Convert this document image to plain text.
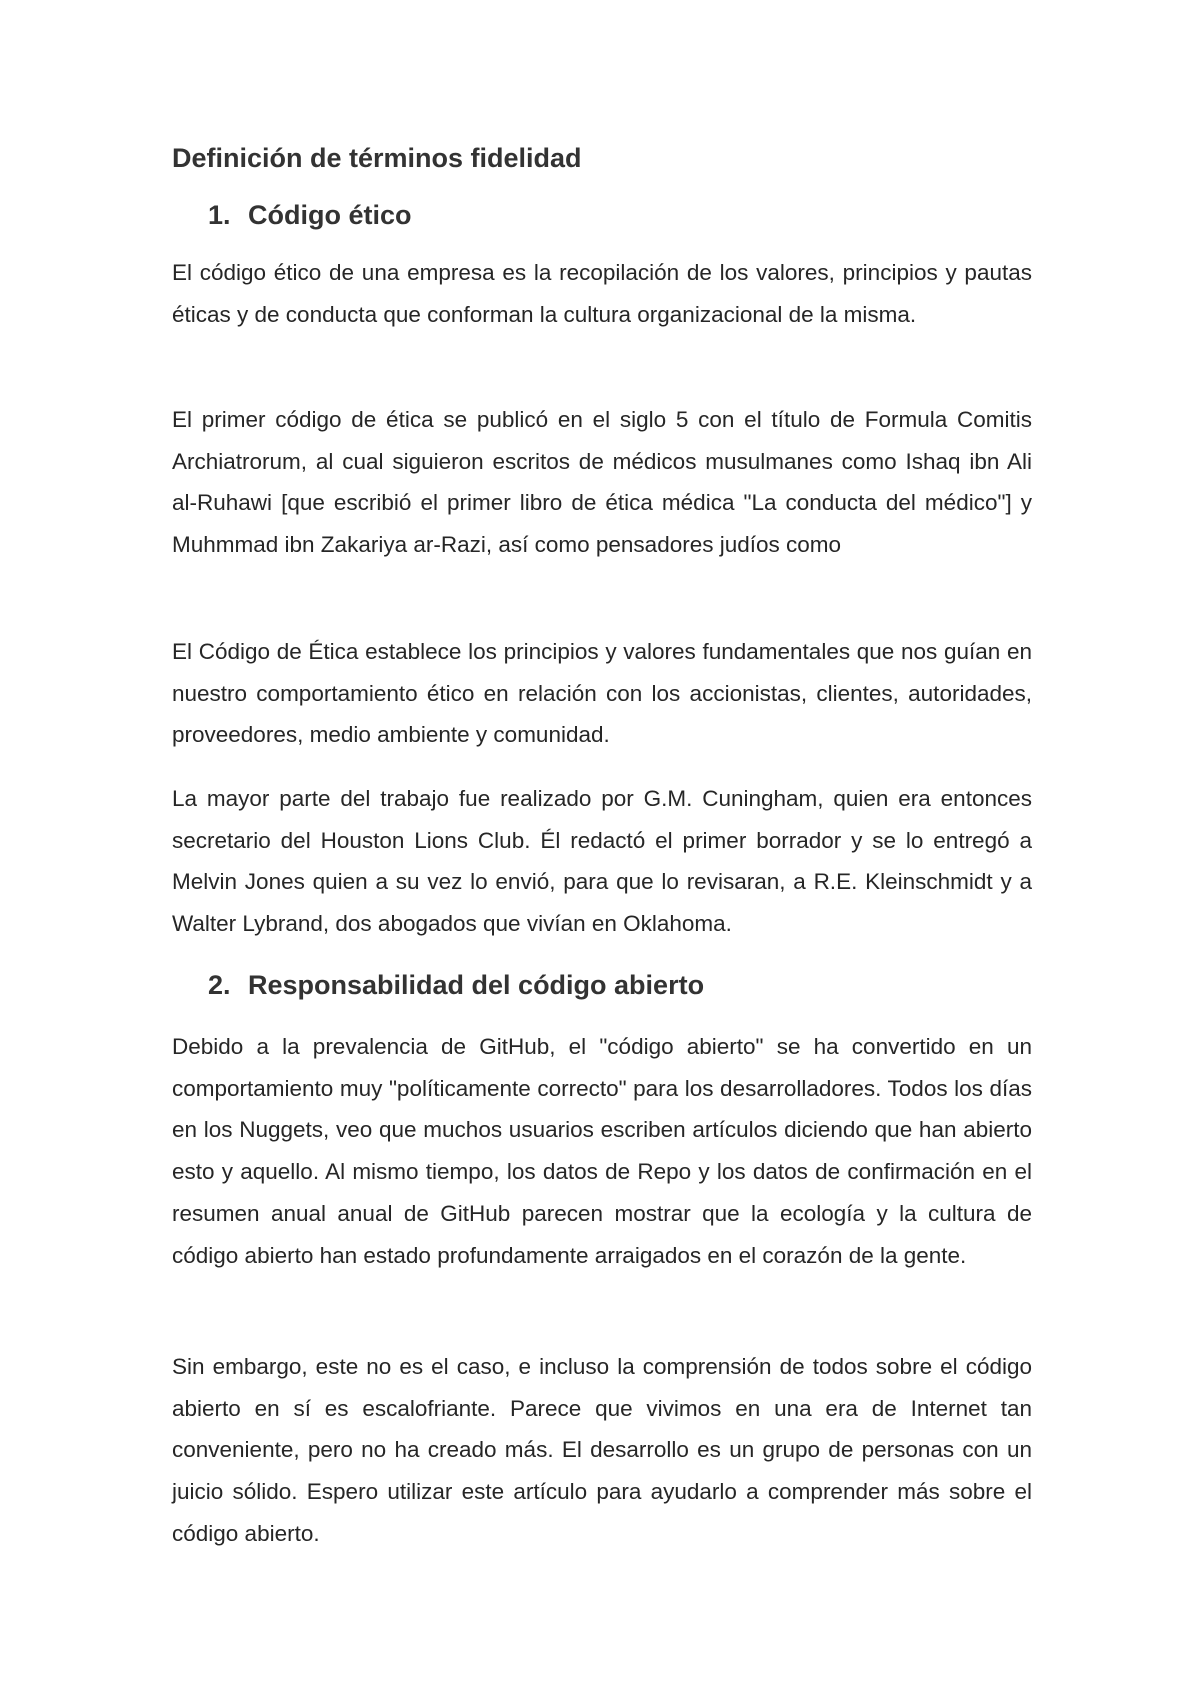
Definición de términos fidelidad
1. Código ético

El código ético de una empresa es la recopilación de los valores, principios y pautas éticas y de conducta que conforman la cultura organizacional de la misma.

El primer código de ética se publicó en el siglo 5 con el título de Formula Comitis Archiatrorum, al cual siguieron escritos de médicos musulmanes como Ishaq ibn Ali al-Ruhawi [que escribió el primer libro de ética médica "La conducta del médico"] y Muhmmad ibn Zakariya ar-Razi, así como pensadores judíos como

El Código de Ética establece los principios y valores fundamentales que nos guían en nuestro comportamiento ético en relación con los accionistas, clientes, autoridades, proveedores, medio ambiente y comunidad.

La mayor parte del trabajo fue realizado por G.M. Cuningham, quien era entonces secretario del Houston Lions Club. Él redactó el primer borrador y se lo entregó a Melvin Jones quien a su vez lo envió, para que lo revisaran, a R.E. Kleinschmidt y a Walter Lybrand, dos abogados que vivían en Oklahoma.

2. Responsabilidad del código abierto

Debido a la prevalencia de GitHub, el "código abierto" se ha convertido en un comportamiento muy "políticamente correcto" para los desarrolladores. Todos los días en los Nuggets, veo que muchos usuarios escriben artículos diciendo que han abierto esto y aquello. Al mismo tiempo, los datos de Repo y los datos de confirmación en el resumen anual anual de GitHub parecen mostrar que la ecología y la cultura de código abierto han estado profundamente arraigados en el corazón de la gente.

Sin embargo, este no es el caso, e incluso la comprensión de todos sobre el código abierto en sí es escalofriante. Parece que vivimos en una era de Internet tan conveniente, pero no ha creado más. El desarrollo es un grupo de personas con un juicio sólido. Espero utilizar este artículo para ayudarlo a comprender más sobre el código abierto.
